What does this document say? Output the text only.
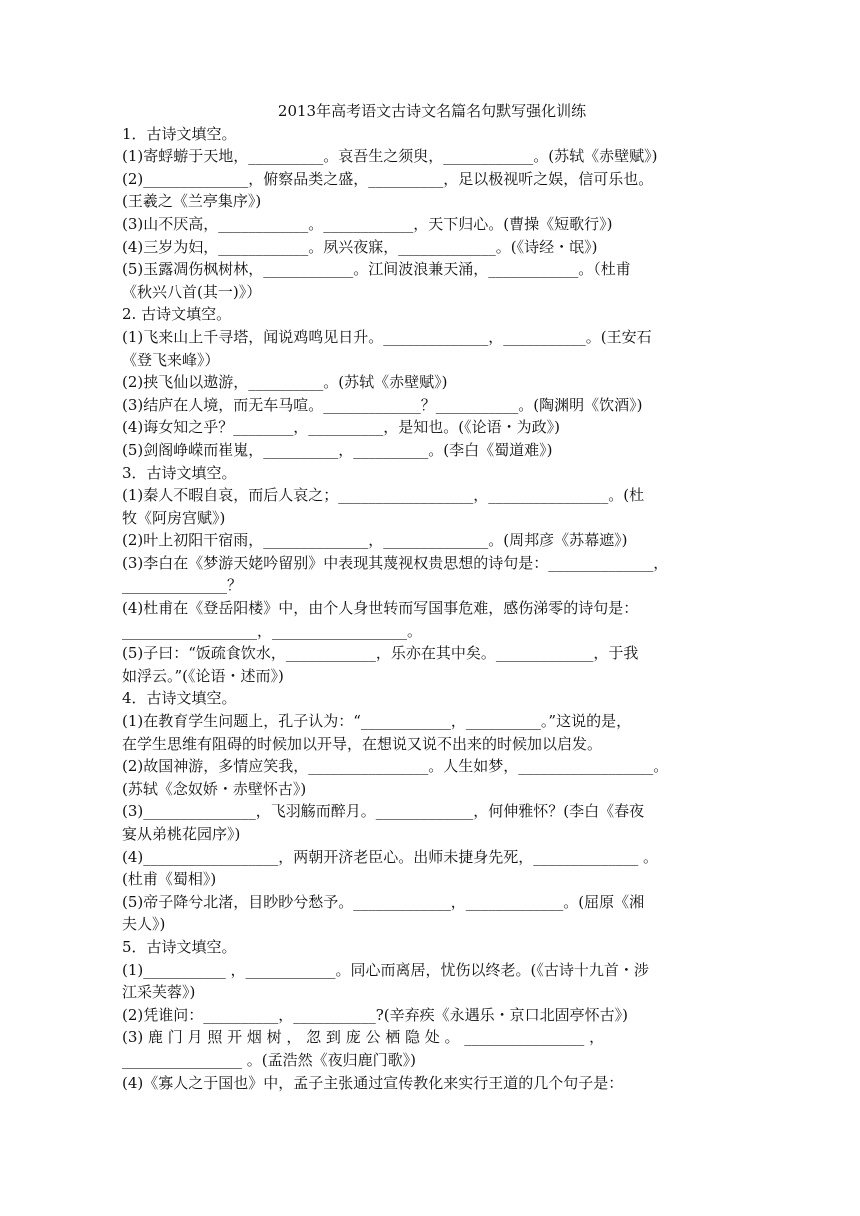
2013年高考语文古诗文名篇名句默写强化训练
1．古诗文填空。
(1)寄蜉蝣于天地，__________。哀吾生之须臾，____________。(苏轼《赤壁赋》)
(2)______________，俯察品类之盛，__________，足以极视听之娱，信可乐也。
(王羲之《兰亭集序》)
(3)山不厌高，____________。____________，天下归心。(曹操《短歌行》)
(4)三岁为妇，____________。夙兴夜寐，_____________。(《诗经・氓》)
(5)玉露凋伤枫树林，____________。江间波浪兼天涌，____________。（杜甫
《秋兴八首(其一)》）
2. 古诗文填空。
(1)飞来山上千寻塔，闻说鸡鸣见日升。______________，___________。(王安石
《登飞来峰》）
(2)挟飞仙以遨游，__________。(苏轼《赤壁赋》)
(3)结庐在人境，而无车马喧。_____________？___________。(陶渊明《饮酒》)
(4)诲女知之乎？________，__________，是知也。(《论语・为政》)
(5)剑阁峥嵘而崔嵬，__________，__________。(李白《蜀道难》)
3．古诗文填空。
(1)秦人不暇自哀，而后人哀之；__________________，________________。(杜
牧《阿房宫赋》)
(2)叶上初阳干宿雨，______________，______________。(周邦彦《苏幕遮》)
(3)李白在《梦游天姥吟留别》中表现其蔑视权贵思想的诗句是：______________，
______________？
(4)杜甫在《登岳阳楼》中，由个人身世转而写国事危难，感伤涕零的诗句是：
__________________，__________________。
(5)子曰：“饭疏食饮水，____________，乐亦在其中矣。_____________，于我
如浮云。”(《论语・述而》)
4．古诗文填空。
(1)在教育学生问题上，孔子认为：“____________，__________。”这说的是，
在学生思维有阻碍的时候加以开导，在想说又说不出来的时候加以启发。
(2)故国神游，多情应笑我，________________。人生如梦，__________________。
(苏轼《念奴娇・赤壁怀古》)
(3)_______________，飞羽觞而醉月。_____________，何伸雅怀？(李白《春夜
宴从弟桃花园序》)
(4)__________________，两朝开济老臣心。出师未捷身先死，______________ 。
(杜甫《蜀相》)
(5)帝子降兮北渚，目眇眇兮愁予。_____________，_____________。(屈原《湘
夫人》)
5．古诗文填空。
(1)___________ ，____________。同心而离居，忧伤以终老。(《古诗十九首・涉
江采芙蓉》)
(2)凭谁问：__________，___________?(辛弃疾《永遇乐・京口北固亭怀古》)
(3) 鹿 门 月 照 开 烟 树 ， 忽 到 庞 公 栖 隐 处 。 ________________ ，
________________ 。(孟浩然《夜归鹿门歌》)
(4)《寡人之于国也》中，孟子主张通过宣传教化来实行王道的几个句子是：
